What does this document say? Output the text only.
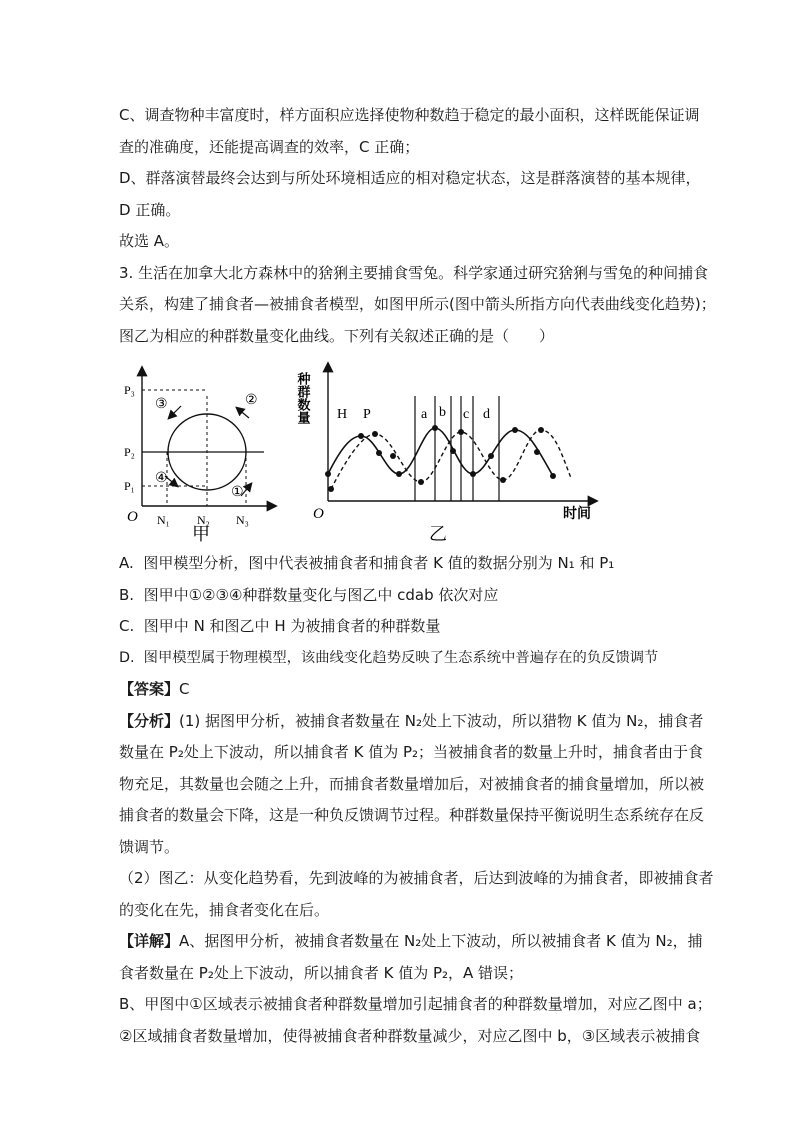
C、调查物种丰富度时，样方面积应选择使物种数趋于稳定的最小面积，这样既能保证调
查的准确度，还能提高调查的效率，C 正确；
D、群落演替最终会达到与所处环境相适应的相对稳定状态，这是群落演替的基本规律，
D 正确。
故选 A。
3. 生活在加拿大北方森林中的猞猁主要捕食雪兔。科学家通过研究猞猁与雪兔的种间捕食
关系，构建了捕食者—被捕食者模型，如图甲所示(图中箭头所指方向代表曲线变化趋势)；
图乙为相应的种群数量变化曲线。下列有关叙述正确的是（　　）
O
P₃
P₂
P₁
N₁ N₂ N₃
③	②
④
①
甲
种群数量
O	时间
H P	a b c d
乙
A. 图甲模型分析，图中代表被捕食者和捕食者 K 值的数据分别为 N₁ 和 P₁
B. 图甲中①②③④种群数量变化与图乙中 cdab 依次对应
C. 图甲中 N 和图乙中 H 为被捕食者的种群数量
D. 图甲模型属于物理模型，该曲线变化趋势反映了生态系统中普遍存在的负反馈调节
【答案】C
【分析】(1) 据图甲分析，被捕食者数量在 N₂处上下波动，所以猎物 K 值为 N₂，捕食者
数量在 P₂处上下波动，所以捕食者 K 值为 P₂；当被捕食者的数量上升时，捕食者由于食
物充足，其数量也会随之上升，而捕食者数量增加后，对被捕食者的捕食量增加，所以被
捕食者的数量会下降，这是一种负反馈调节过程。种群数量保持平衡说明生态系统存在反
馈调节。
（2）图乙：从变化趋势看，先到波峰的为被捕食者，后达到波峰的为捕食者，即被捕食者
的变化在先，捕食者变化在后。
【详解】A、据图甲分析，被捕食者数量在 N₂处上下波动，所以被捕食者 K 值为 N₂，捕
食者数量在 P₂处上下波动，所以捕食者 K 值为 P₂，A 错误；
B、甲图中①区域表示被捕食者种群数量增加引起捕食者的种群数量增加，对应乙图中 a；
②区域捕食者数量增加，使得被捕食者种群数量减少，对应乙图中 b，③区域表示被捕食
